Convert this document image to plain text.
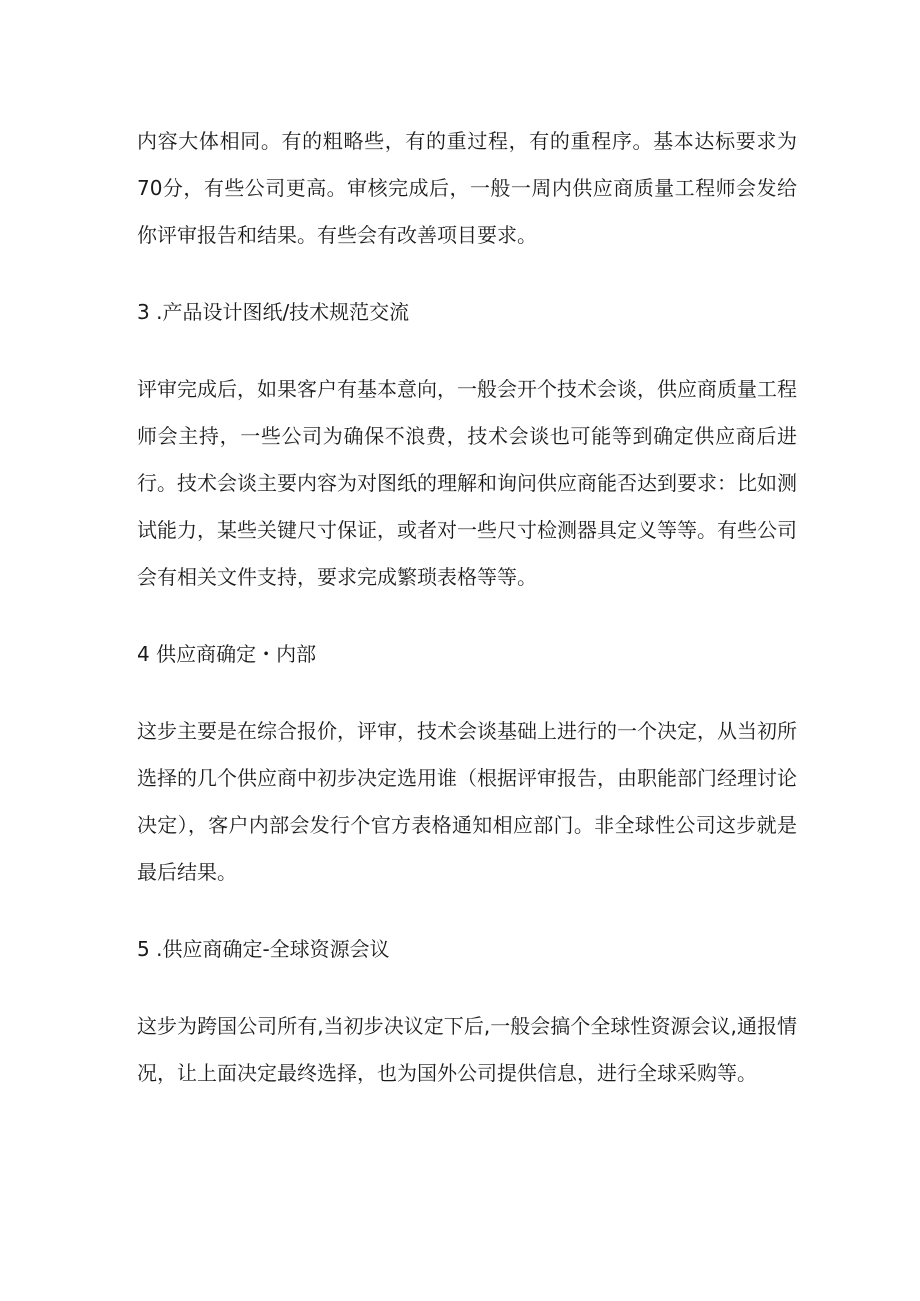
内容大体相同。有的粗略些，有的重过程，有的重程序。基本达标要求为70分，有些公司更高。审核完成后，一般一周内供应商质量工程师会发给你评审报告和结果。有些会有改善项目要求。

3 .产品设计图纸/技术规范交流

评审完成后，如果客户有基本意向，一般会开个技术会谈，供应商质量工程师会主持，一些公司为确保不浪费，技术会谈也可能等到确定供应商后进行。技术会谈主要内容为对图纸的理解和询问供应商能否达到要求：比如测试能力，某些关键尺寸保证，或者对一些尺寸检测器具定义等等。有些公司会有相关文件支持，要求完成繁琐表格等等。

4 供应商确定・内部

这步主要是在综合报价，评审，技术会谈基础上进行的一个决定，从当初所选择的几个供应商中初步决定选用谁（根据评审报告，由职能部门经理讨论决定），客户内部会发行个官方表格通知相应部门。非全球性公司这步就是最后结果。

5 .供应商确定-全球资源会议

这步为跨国公司所有,当初步决议定下后,一般会搞个全球性资源会议,通报情况，让上面决定最终选择，也为国外公司提供信息，进行全球采购等。
